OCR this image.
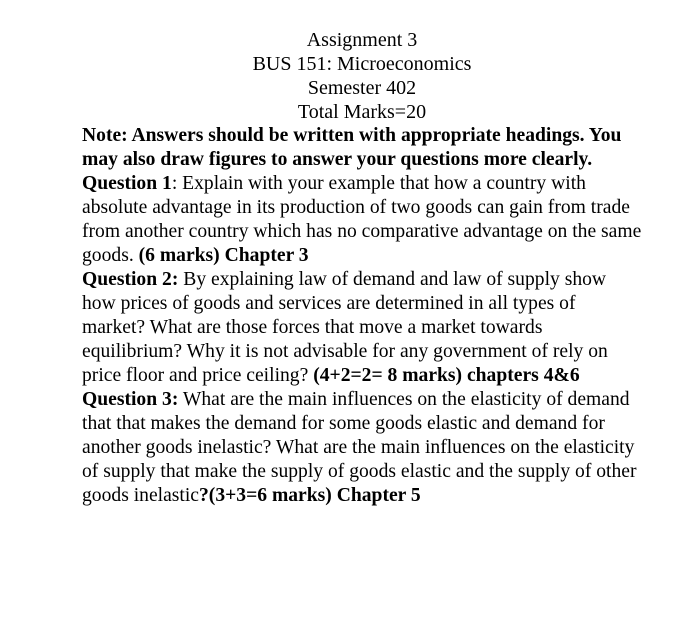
Assignment 3
BUS 151: Microeconomics
Semester 402
Total Marks=20

Note: Answers should be written with appropriate headings. You may also draw figures to answer your questions more clearly.

Question 1: Explain with your example that how a country with absolute advantage in its production of two goods can gain from trade from another country which has no comparative advantage on the same goods. (6 marks) Chapter 3

Question 2: By explaining law of demand and law of supply show how prices of goods and services are determined in all types of market? What are those forces that move a market towards equilibrium? Why it is not advisable for any government of rely on price floor and price ceiling? (4+2=2= 8 marks) chapters 4&6

Question 3: What are the main influences on the elasticity of demand that that makes the demand for some goods elastic and demand for another goods inelastic? What are the main influences on the elasticity of supply that make the supply of goods elastic and the supply of other goods inelastic?(3+3=6 marks) Chapter 5
